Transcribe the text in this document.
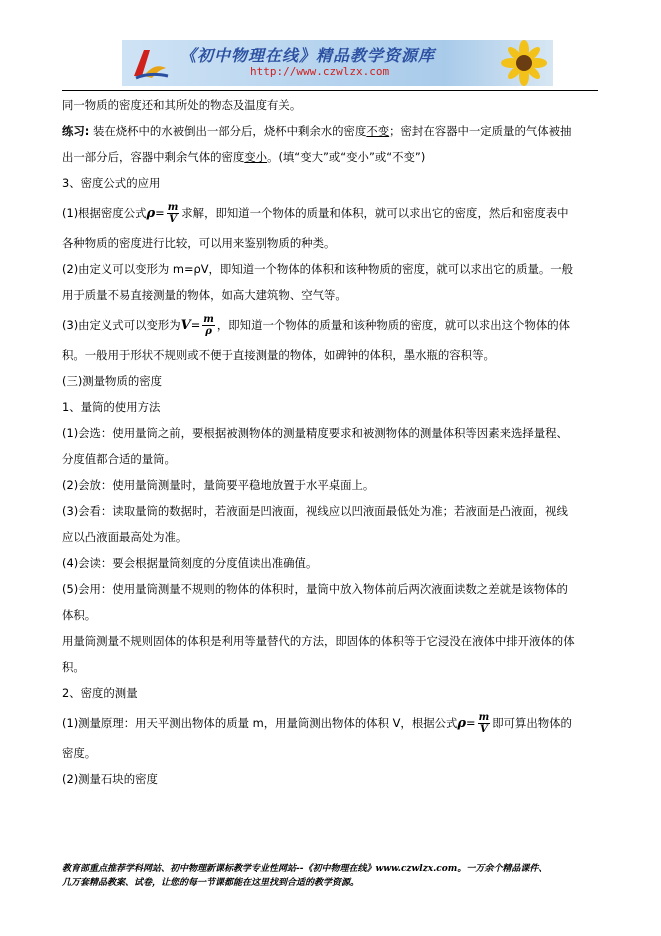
《初中物理在线》精品教学资源库
http://www.czwlzx.com
同一物质的密度还和其所处的物态及温度有关。
练习: 装在烧杯中的水被倒出一部分后，烧杯中剩余水的密度不变；密封在容器中一定质量的气体被抽
出一部分后，容器中剩余气体的密度变小。(填“变大”或“变小”或“不变”)
3、密度公式的应用
(1)根据密度公式$\rho= \frac{m}{V}$ 求解，即知道一个物体的质量和体积，就可以求出它的密度，然后和密度表中
各种物质的密度进行比较，可以用来鉴别物质的种类。
(2)由定义可以变形为 m=ρV，即知道一个物体的体积和该种物质的密度，就可以求出它的质量。一般
用于质量不易直接测量的物体，如高大建筑物、空气等。
(3)由定义式可以变形为$V= \frac{m}{\rho}$ ，即知道一个物体的质量和该种物质的密度，就可以求出这个物体的体
积。一般用于形状不规则或不便于直接测量的物体，如碑钟的体积，墨水瓶的容积等。
(三)测量物质的密度
1、量筒的使用方法
(1)会选：使用量筒之前，要根据被测物体的测量精度要求和被测物体的测量体积等因素来选择量程、
分度值都合适的量筒。
(2)会放：使用量筒测量时，量筒要平稳地放置于水平桌面上。
(3)会看：读取量筒的数据时，若液面是凹液面，视线应以凹液面最低处为准；若液面是凸液面，视线
应以凸液面最高处为准。
(4)会读：要会根据量筒刻度的分度值读出准确值。
(5)会用：使用量筒测量不规则的物体的体积时，量筒中放入物体前后两次液面读数之差就是该物体的
体积。
用量筒测量不规则固体的体积是利用等量替代的方法，即固体的体积等于它浸没在液体中排开液体的体
积。
2、密度的测量
(1)测量原理：用天平测出物体的质量 m，用量筒测出物体的体积 V，根据公式$\rho= \frac{m}{V}$ 即可算出物体的
密度。
(2)测量石块的密度
教育部重点推荐学科网站、初中物理新课标教学专业性网站--《初中物理在线》www.czwlzx.com。一万余个精品课件、
几万套精品教案、试卷，让您的每一节课都能在这里找到合适的教学资源。
